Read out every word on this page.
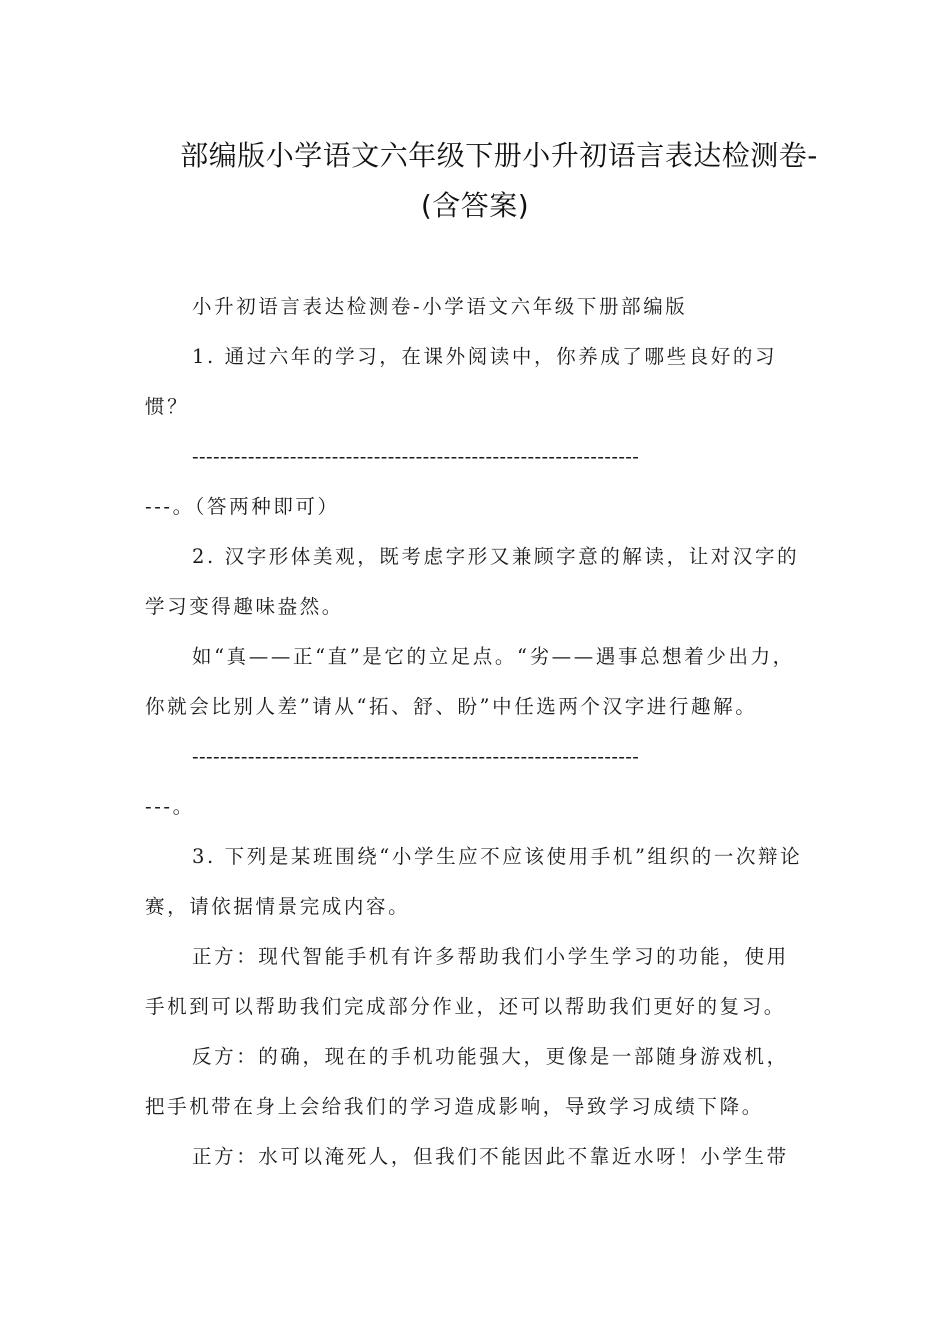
部编版小学语文六年级下册小升初语言表达检测卷-
(含答案)

小升初语言表达检测卷-小学语文六年级下册部编版

1. 通过六年的学习，在课外阅读中，你养成了哪些良好的习惯？

----------------------------------------------------------------

---。（答两种即可）

2. 汉字形体美观，既考虑字形又兼顾字意的解读，让对汉字的学习变得趣味盎然。

如“真——正“直”是它的立足点。“劣——遇事总想着少出力，你就会比别人差”请从“拓、舒、盼”中任选两个汉字进行趣解。

----------------------------------------------------------------

---。

3. 下列是某班围绕“小学生应不应该使用手机”组织的一次辩论赛，请依据情景完成内容。

正方：现代智能手机有许多帮助我们小学生学习的功能，使用手机到可以帮助我们完成部分作业，还可以帮助我们更好的复习。

反方：的确，现在的手机功能强大，更像是一部随身游戏机，把手机带在身上会给我们的学习造成影响，导致学习成绩下降。

正方：水可以淹死人，但我们不能因此不靠近水呀！小学生带
